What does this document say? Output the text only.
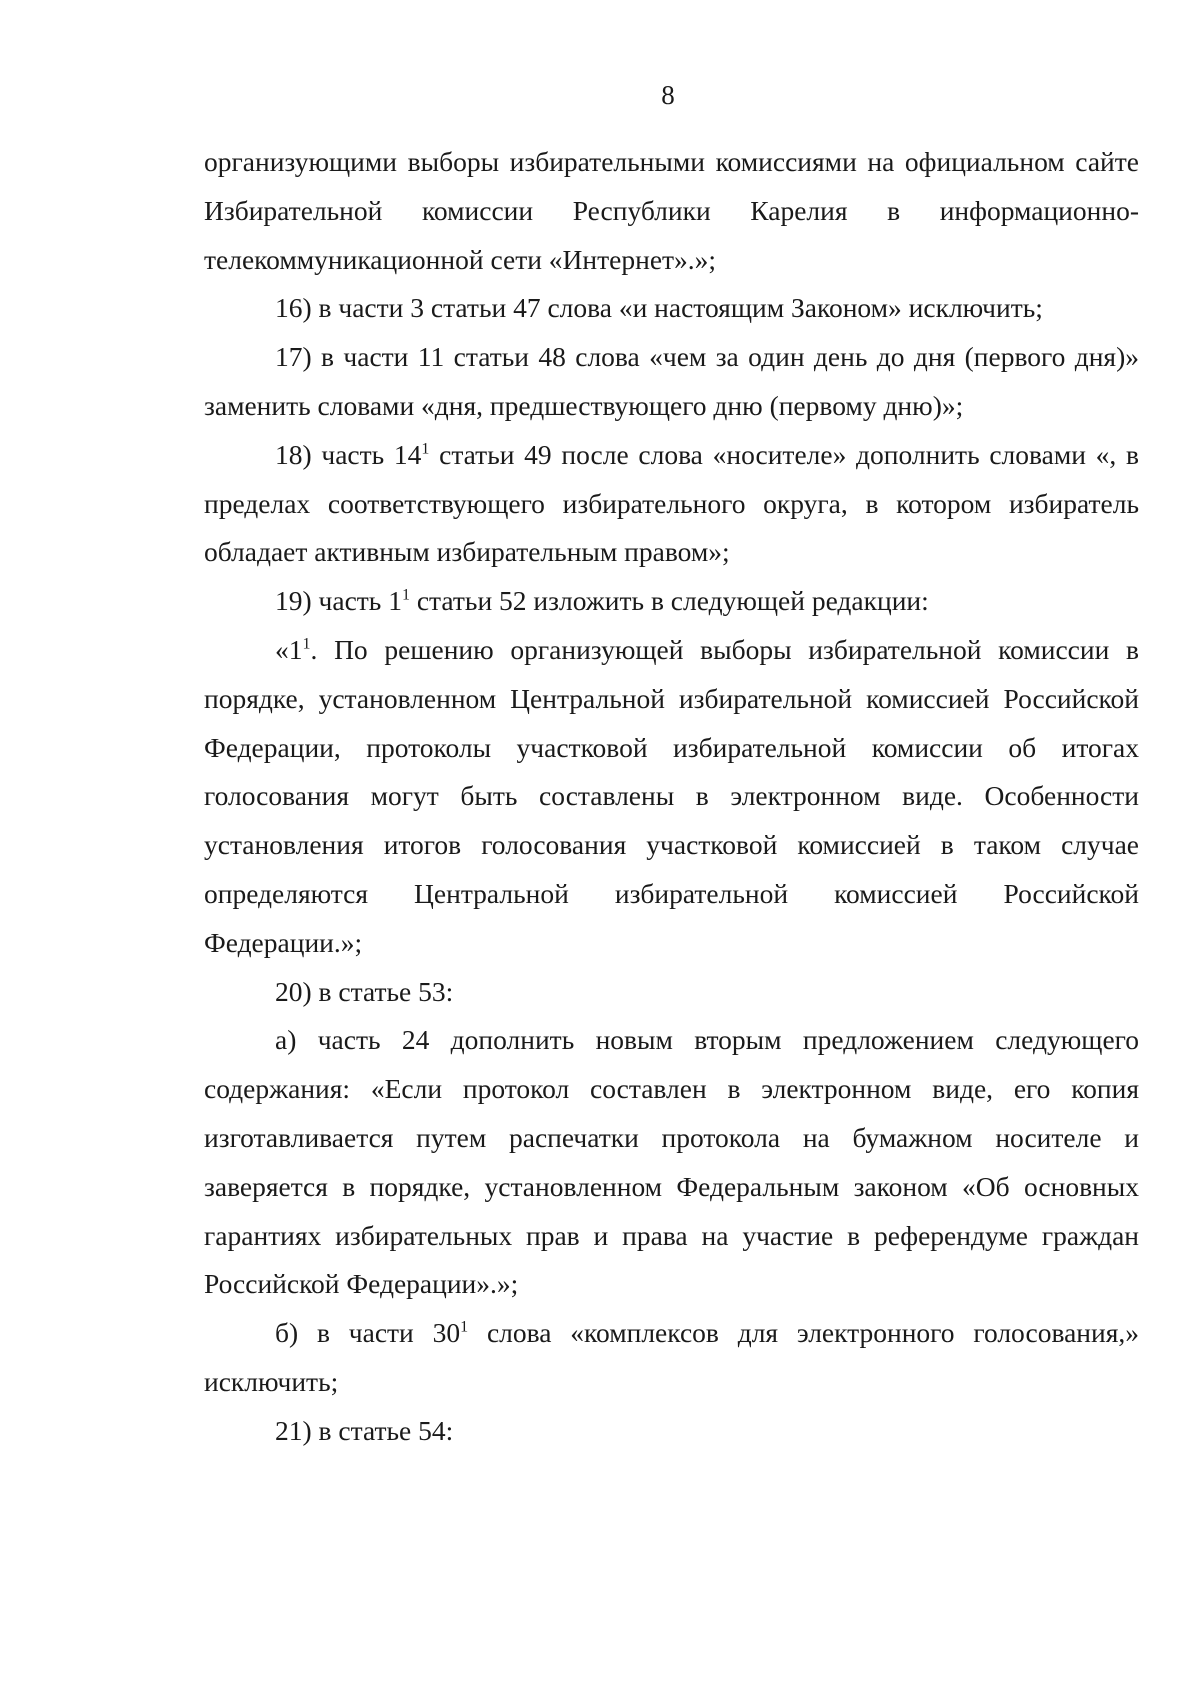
8

организующими выборы избирательными комиссиями на официальном сайте Избирательной комиссии Республики Карелия в информационно-телекоммуникационной сети «Интернет».»;

16) в части 3 статьи 47 слова «и настоящим Законом» исключить;

17) в части 11 статьи 48 слова «чем за один день до дня (первого дня)» заменить словами «дня, предшествующего дню (первому дню)»;

18) часть $14^1$ статьи 49 после слова «носителе» дополнить словами «, в пределах соответствующего избирательного округа, в котором избиратель обладает активным избирательным правом»;

19) часть $1^1$ статьи 52 изложить в следующей редакции:

«$1^1$. По решению организующей выборы избирательной комиссии в порядке, установленном Центральной избирательной комиссией Российской Федерации, протоколы участковой избирательной комиссии об итогах голосования могут быть составлены в электронном виде. Особенности установления итогов голосования участковой комиссией в таком случае определяются Центральной избирательной комиссией Российской Федерации.»;

20) в статье 53:

а) часть 24 дополнить новым вторым предложением следующего содержания: «Если протокол составлен в электронном виде, его копия изготавливается путем распечатки протокола на бумажном носителе и заверяется в порядке, установленном Федеральным законом «Об основных гарантиях избирательных прав и права на участие в референдуме граждан Российской Федерации».»;

б) в части $30^1$ слова «комплексов для электронного голосования,» исключить;

21) в статье 54:
